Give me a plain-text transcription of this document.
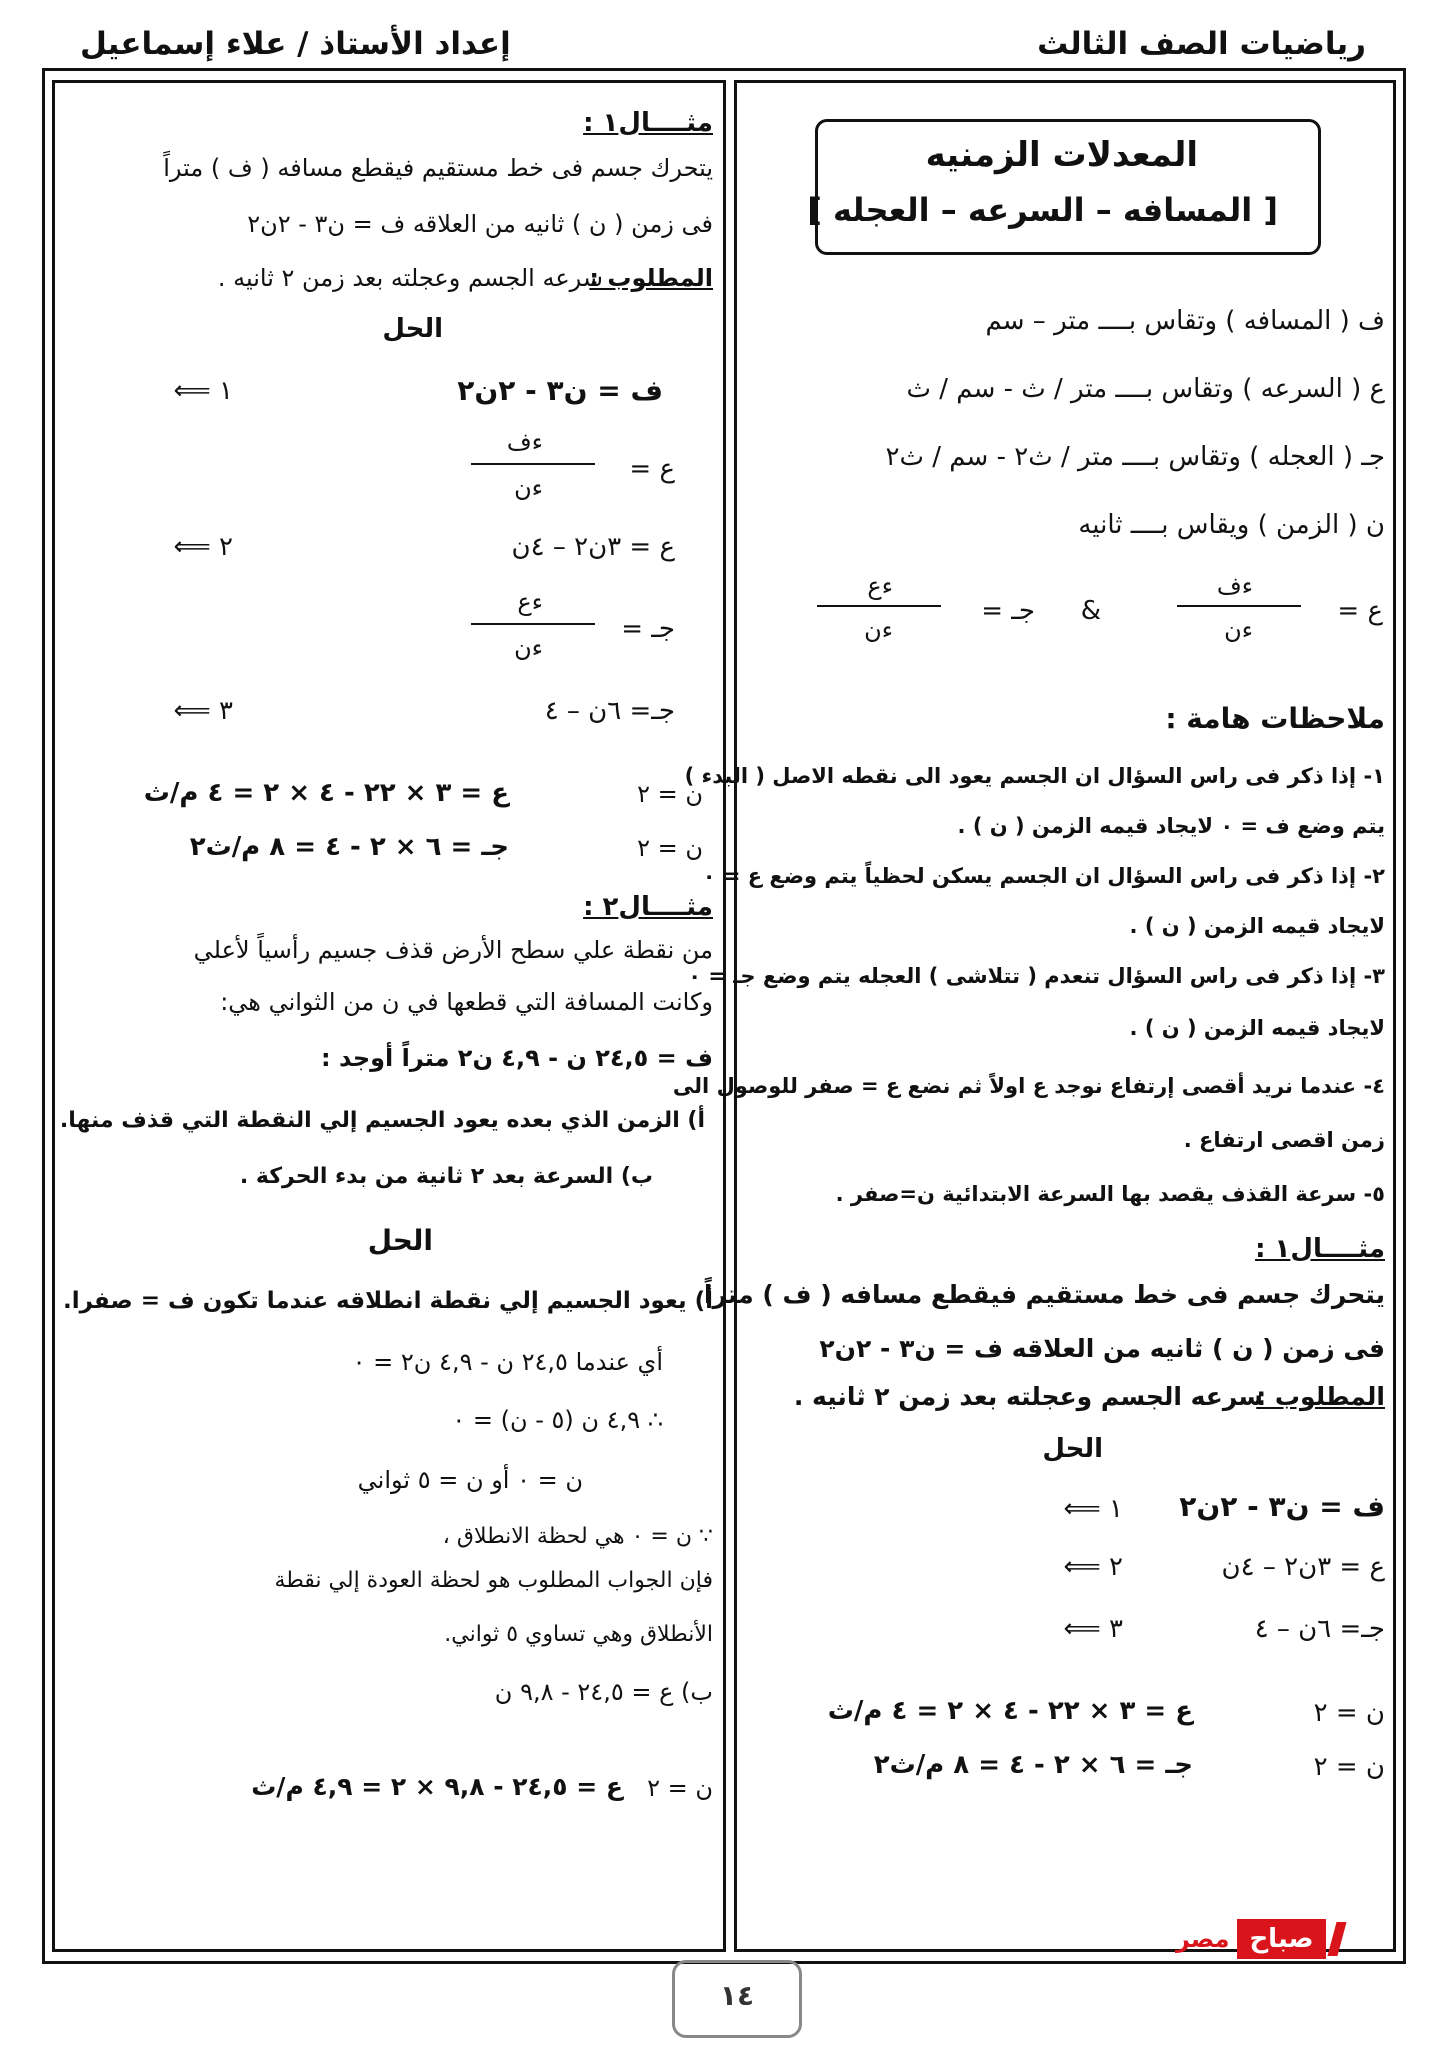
رياضيات الصف الثالث
إعداد الأستاذ / علاء إسماعيل
المعدلات الزمنيه
[ المسافه – السرعه – العجله ]
ف ( المسافه ) وتقاس بــــ متر – سم
ع ( السرعه ) وتقاس بــــ متر / ث - سم / ث
جـ ( العجله ) وتقاس بــــ متر / ث٢ - سم / ث٢
ن ( الزمن ) ويقاس بــــ ثانيه
ع =
ءف
ءن
&
جـ =
ءع
ءن
ملاحظات هامة :
١- إذا ذكر فى راس السؤال ان الجسم يعود الى نقطه الاصل ( البدء )
يتم وضع ف = ٠ لايجاد قيمه الزمن ( ن ) .
٢- إذا ذكر فى راس السؤال ان الجسم يسكن لحظياً يتم وضع ع = ٠
لايجاد قيمه الزمن ( ن ) .
٣- إذا ذكر فى راس السؤال تنعدم ( تتلاشى ) العجله يتم وضع جـ = ٠
لايجاد قيمه الزمن ( ن ) .
٤- عندما نريد أقصى إرتفاع نوجد ع اولاً ثم نضع ع = صفر للوصول الى
زمن اقصى ارتفاع .
٥- سرعة القذف يقصد بها السرعة الابتدائية ن=صفر .
مثــــال١ :
يتحرك جسم فى خط مستقيم فيقطع مسافه ( ف ) متراً
فى زمن ( ن ) ثانيه من العلاقه ف = ن٣ - ٢ن٢
المطلوب :
سرعه الجسم وعجلته بعد زمن ٢ ثانيه .
الحل
ف = ن٣ - ٢ن٢
١ ⟸
ع = ٣ن٢ – ٤ن
٢ ⟸
جـ= ٦ن – ٤
٣ ⟸
ن = ٢
ع = ٣ × ٢٢ - ٤ × ٢ = ٤ م/ث
ن = ٢
جـ = ٦ × ٢ - ٤ = ٨ م/ث٢
مثــــال١ :
يتحرك جسم فى خط مستقيم فيقطع مسافه ( ف ) متراً
فى زمن ( ن ) ثانيه من العلاقه ف = ن٣ - ٢ن٢
المطلوب :
سرعه الجسم وعجلته بعد زمن ٢ ثانيه .
الحل
ف = ن٣ - ٢ن٢
١ ⟸
ع =
ءف
ءن
ع = ٣ن٢ – ٤ن
٢ ⟸
جـ =
ءع
ءن
جـ= ٦ن – ٤
٣ ⟸
ن = ٢
ع = ٣ × ٢٢ - ٤ × ٢ = ٤ م/ث
ن = ٢
جـ = ٦ × ٢ - ٤ = ٨ م/ث٢
مثــــال٢ :
من نقطة علي سطح الأرض قذف جسيم رأسياً لأعلي
وكانت المسافة التي قطعها في ن من الثواني هي:
ف = ٢٤,٥ ن - ٤,٩ ن٢ متراً أوجد :
أ) الزمن الذي بعده يعود الجسيم إلي النقطة التي قذف منها.
ب) السرعة بعد ٢ ثانية من بدء الحركة .
الحل
أ) يعود الجسيم إلي نقطة انطلاقه عندما تكون ف = صفرا.
أي عندما ٢٤,٥ ن - ٤,٩ ن٢ = ٠
∴ ٤,٩ ن (٥ - ن) = ٠
ن = ٠ أو ن = ٥ ثواني
∵ ن = ٠ هي لحظة الانطلاق ،
فإن الجواب المطلوب هو لحظة العودة إلي نقطة
الأنطلاق وهي تساوي ٥ ثواني.
ب) ع = ٢٤,٥ - ٩,٨ ن
ن = ٢
ع = ٢٤,٥ - ٩,٨ × ٢ = ٤,٩ م/ث
مصر صباح
١٤
